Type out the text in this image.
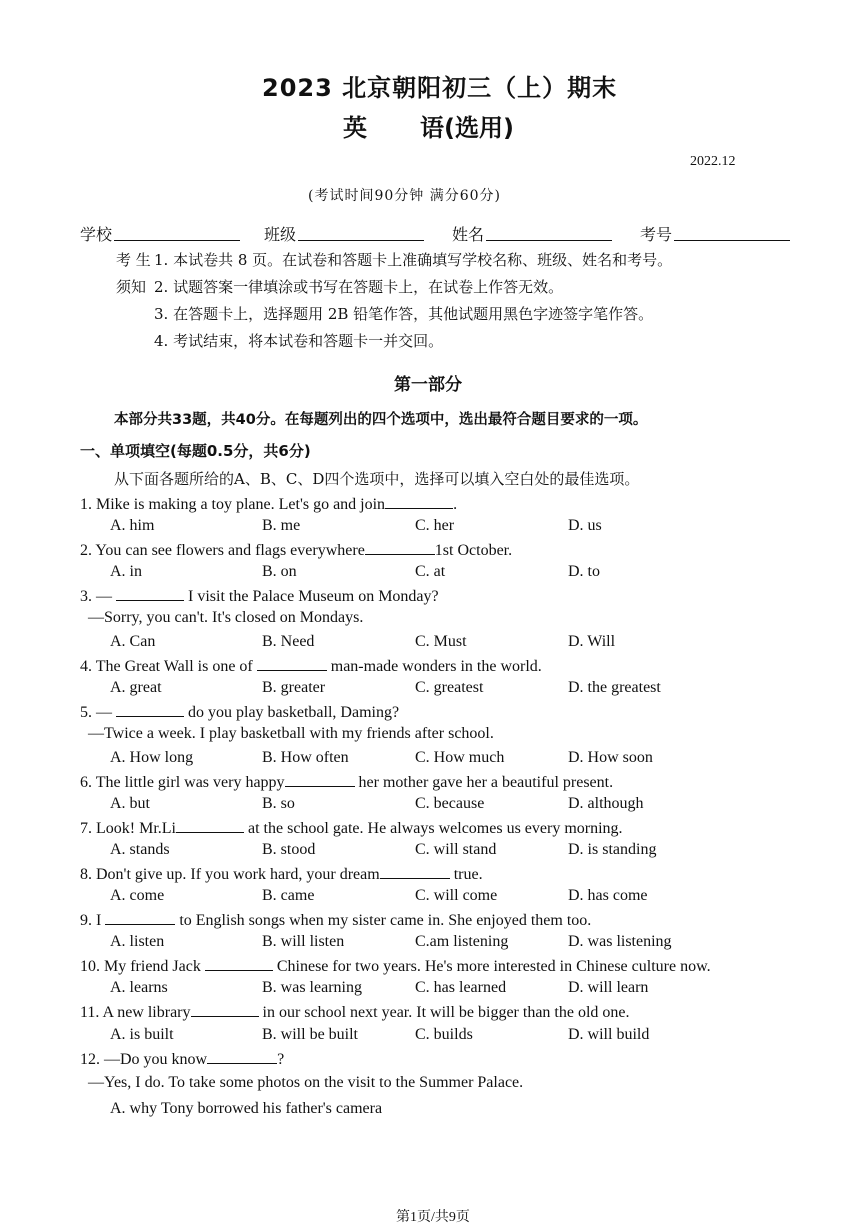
2023 北京朝阳初三（上）期末
英 语(选用)
2022.12
(考试时间90分钟 满分60分)
学校	班级	姓名	考号
考 生
须知
1. 本试卷共 8 页。在试卷和答题卡上准确填写学校名称、班级、姓名和考号。
2. 试题答案一律填涂或书写在答题卡上，在试卷上作答无效。
3. 在答题卡上，选择题用 2B 铅笔作答，其他试题用黑色字迹签字笔作答。
4. 考试结束，将本试卷和答题卡一并交回。
第一部分
本部分共33题，共40分。在每题列出的四个选项中，选出最符合题目要求的一项。
一、单项填空(每题0.5分，共6分)
从下面各题所给的A、B、C、D四个选项中，选择可以填入空白处的最佳选项。
1. Mike is making a toy plane. Let's go and join	.
A. him	B. me	C. her	D. us
2. You can see flowers and flags everywhere	1st October.
A. in	B. on	C. at	D. to
3. —	I visit the Palace Museum on Monday?
—Sorry, you can't. It's closed on Mondays.
A. Can	B. Need	C. Must	D. Will
4. The Great Wall is one of	man-made wonders in the world.
A. great	B. greater	C. greatest	D. the greatest
5. —	do you play basketball, Daming?
—Twice a week. I play basketball with my friends after school.
A. How long	B. How often	C. How much	D. How soon
6. The little girl was very happy	her mother gave her a beautiful present.
A. but	B. so	C. because	D. although
7. Look! Mr.Li	at the school gate. He always welcomes us every morning.
A. stands	B. stood	C. will stand	D. is standing
8. Don't give up. If you work hard, your dream	true.
A. come	B. came	C. will come	D. has come
9. I	to English songs when my sister came in. She enjoyed them too.
A. listen	B. will listen	C.am listening	D. was listening
10. My friend Jack	Chinese for two years. He's more interested in Chinese culture now.
A. learns	B. was learning	C. has learned	D. will learn
11. A new library	in our school next year. It will be bigger than the old one.
A. is built	B. will be built	C. builds	D. will build
12. —Do you know	?
—Yes, I do. To take some photos on the visit to the Summer Palace.
A. why Tony borrowed his father's camera
第1页/共9页
